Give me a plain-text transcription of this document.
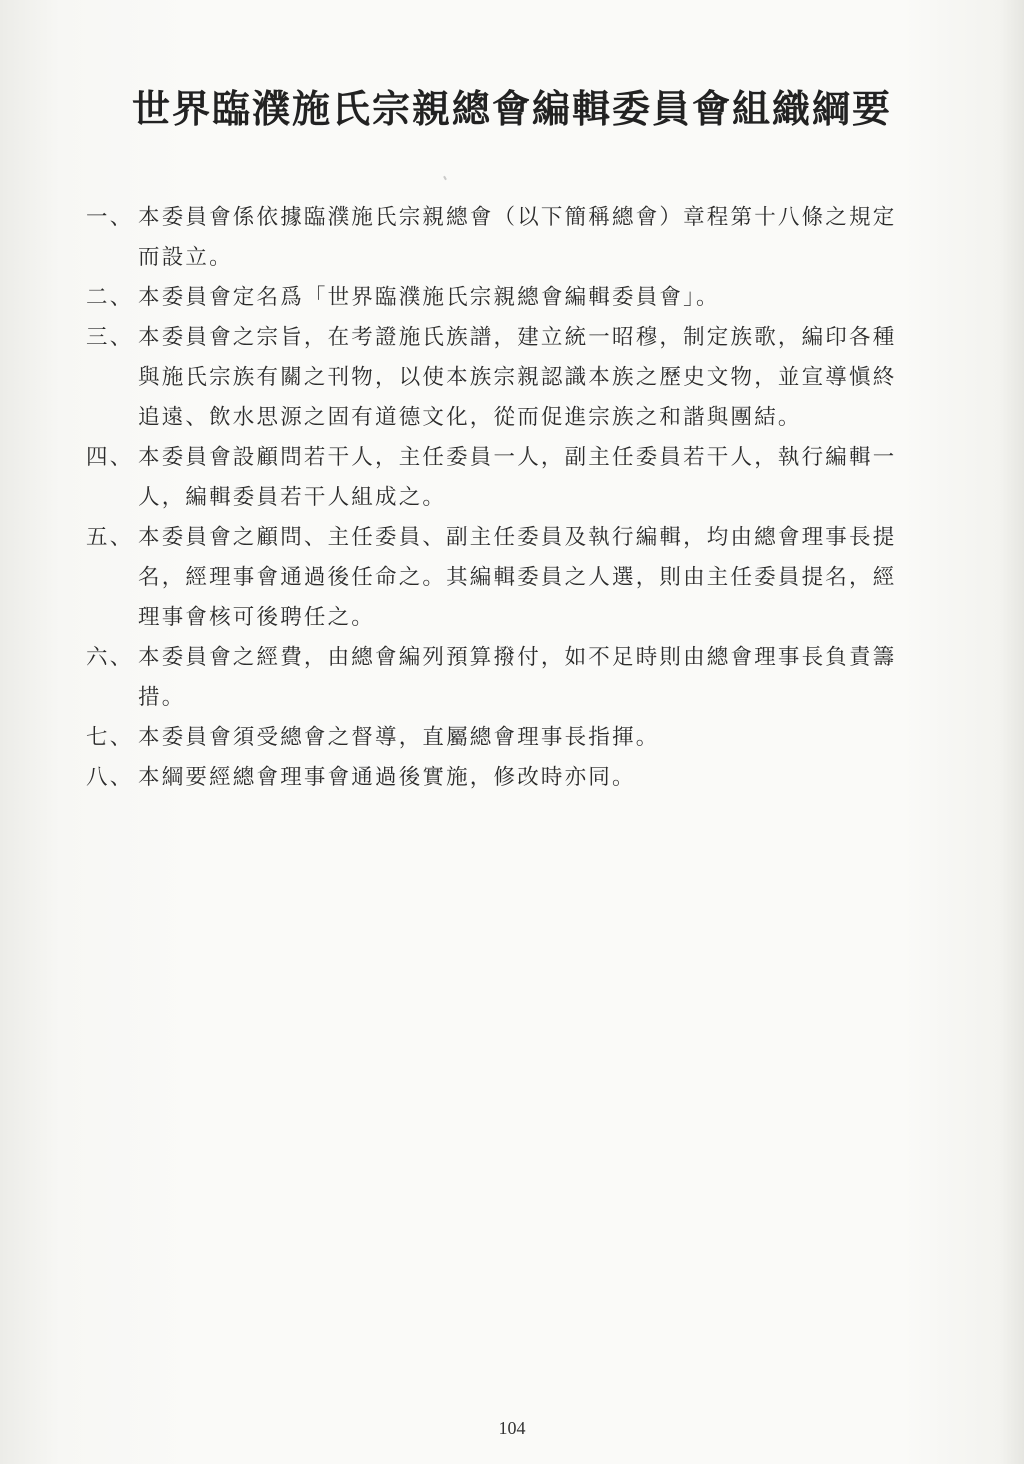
世界臨濮施氏宗親總會編輯委員會組織綱要
一、 本委員會係依據臨濮施氏宗親總會（以下簡稱總會）章程第十八條之規定
而設立。
二、 本委員會定名爲「世界臨濮施氏宗親總會編輯委員會」。
三、 本委員會之宗旨，在考證施氏族譜，建立統一昭穆，制定族歌，編印各種
與施氏宗族有關之刊物，以使本族宗親認識本族之歷史文物，並宣導愼終
追遠、飲水思源之固有道德文化，從而促進宗族之和諧與團結。
四、 本委員會設顧問若干人，主任委員一人，副主任委員若干人，執行編輯一
人，編輯委員若干人組成之。
五、 本委員會之顧問、主任委員、副主任委員及執行編輯，均由總會理事長提
名，經理事會通過後任命之。其編輯委員之人選，則由主任委員提名，經
理事會核可後聘任之。
六、 本委員會之經費，由總會編列預算撥付，如不足時則由總會理事長負責籌
措。
七、 本委員會須受總會之督導，直屬總會理事長指揮。
八、 本綱要經總會理事會通過後實施，修改時亦同。
104
